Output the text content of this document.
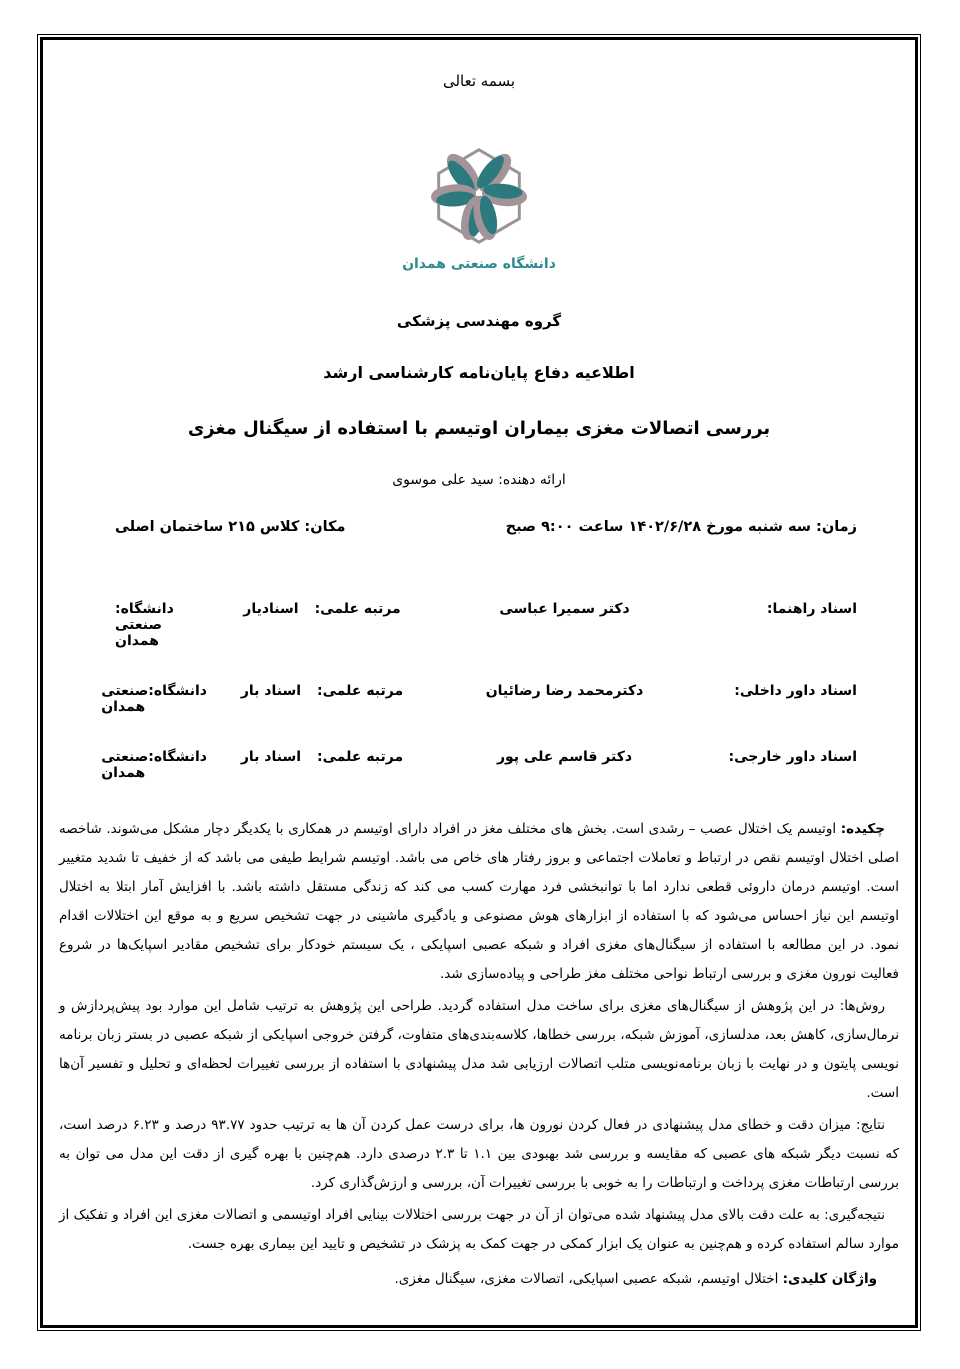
بسمه تعالی
دانشگاه صنعتی همدان
گروه مهندسی پزشکی
اطلاعیه دفاع پایان‌نامه کارشناسی ارشد
بررسی اتصالات مغزی بیماران اوتیسم با استفاده از سیگنال مغزی
ارائه دهنده: سید علی موسوی
زمان: سه شنبه مورخ ۱۴۰۲/۶/۲۸ ساعت ۹:۰۰ صبح
مکان: کلاس ۲۱۵ ساختمان اصلی
اسناد راهنما:
دکتر سمیرا عباسی
مرتبه علمی:
اسنادیار
دانشگاه: صنعتی همدان
اسناد داور داخلی:
دکترمحمد رضا رضائیان
مرتبه علمی:
اسناد بار
دانشگاه:صنعتی همدان
اسناد داور خارجی:
دکتر قاسم علی پور
مرتبه علمی:
اسناد بار
دانشگاه:صنعتی همدان

چکیده: اوتیسم یک اختلال عصب – رشدی است. بخش های مختلف مغز در افراد دارای اوتیسم در همکاری با یکدیگر دچار مشکل می‌شوند. شاخصه اصلی اختلال اوتیسم نقص در ارتباط و تعاملات اجتماعی و بروز رفتار های خاص می باشد. اوتیسم شرایط طیفی می باشد که از خفیف تا شدید متغییر است. اوتیسم درمان داروئی قطعی ندارد اما با توانبخشی فرد مهارت کسب می کند که زندگی مستقل داشته باشد. با افزایش آمار ابتلا به اختلال اوتیسم این نیاز احساس می‌شود که با استفاده از ابزارهای هوش مصنوعی و یادگیری ماشینی در جهت تشخیص سریع و به موقع این اختلالات اقدام نمود. در این مطالعه با استفاده از سیگنال‌های مغزی افراد و شبکه عصبی اسپایکی ، یک سیستم خودکار برای تشخیص مقادیر اسپایک‌ها در شروع فعالیت نورون مغزی و بررسی ارتباط نواحی مختلف مغز طراحی و پیاده‌سازی شد.

روش‌ها: در این پژوهش از سیگنال‌های مغزی برای ساخت مدل استفاده گردید. طراحی این پژوهش به ترتیب شامل این موارد بود پیش‌پردازش و نرمال‌سازی، کاهش بعد، مدلسازی، آموزش شبکه، بررسی خطاها، کلاسه‌بندی‌های متفاوت، گرفتن خروجی اسپایکی از شبکه عصبی در بستر زبان برنامه نویسی پایتون و در نهایت با زبان برنامه‌نویسی متلب اتصالات ارزیابی شد مدل پیشنهادی با استفاده از بررسی تغییرات لحظه‌ای و تحلیل و تفسیر آن‌ها است.

نتایج: میزان دقت و خطای مدل پیشنهادی در فعال کردن نورون ها، برای درست عمل کردن آن ها به ترتیب حدود ۹۳.۷۷ درصد و ۶.۲۳ درصد است، که نسبت دیگر شبکه های عصبی که مقایسه و بررسی شد بهبودی بین ۱.۱ تا ۲.۳ درصدی دارد. هم‌چنین با بهره گیری از دقت این مدل می توان به بررسی ارتباطات مغزی پرداخت و ارتباطات را به خوبی با بررسی تغییرات آن، بررسی و ارزش‌گذاری کرد.

نتیجه‌گیری: به علت دقت بالای مدل پیشنهاد شده می‌توان از آن در جهت بررسی اختلالات بینایی افراد اوتیسمی و اتصالات مغزی این افراد و تفکیک از موارد سالم استفاده کرده و هم‌چنین به عنوان یک ابزار کمکی در جهت کمک به پزشک در تشخیص و تایید این بیماری بهره جست.

واژگان کلیدی: اختلال اوتیسم، شبکه عصبی اسپایکی، اتصالات مغزی، سیگنال مغزی.
